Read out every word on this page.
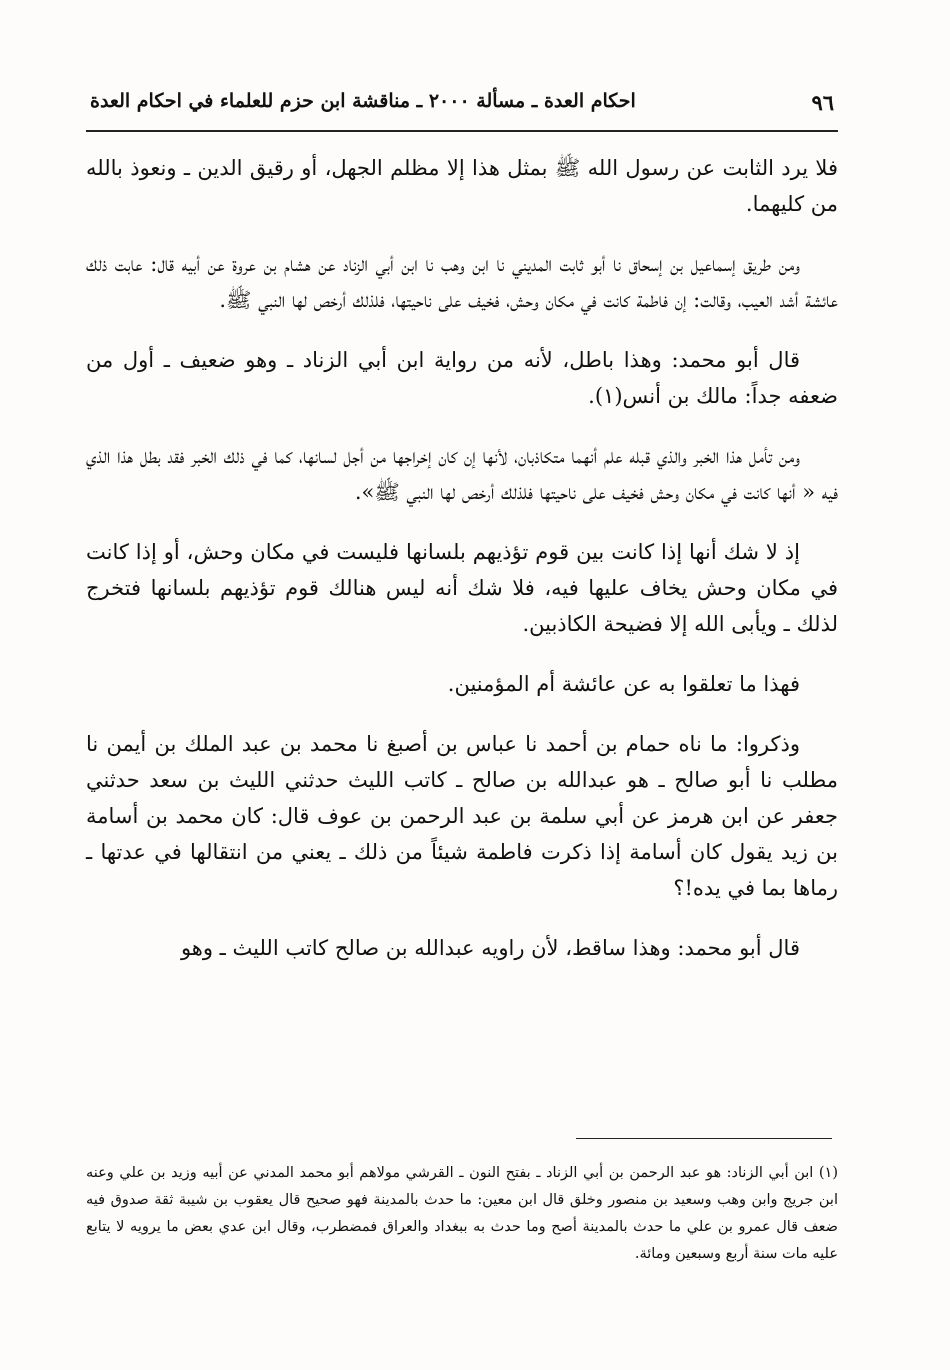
٩٦
احكام العدة ـ مسألة ٢٠٠٠ ـ مناقشة ابن حزم للعلماء في احكام العدة

فلا يرد الثابت عن رسول الله ﷺ بمثل هذا إلا مظلم الجهل، أو رقيق الدين ـ ونعوذ بالله من كليهما.

ومن طريق إسماعيل بن إسحاق نا أبو ثابت المديني نا ابن وهب نا ابن أبي الزناد عن هشام بن عروة عن أبيه قال: عابت ذلك عائشة أشد العيب، وقالت: إن فاطمة كانت في مكان وحش، فخيف على ناحيتها، فلذلك أرخص لها النبي ﷺ.

قال أبو محمد: وهذا باطل، لأنه من رواية ابن أبي الزناد ـ وهو ضعيف ـ أول من ضعفه جداً: مالك بن أنس(١).

ومن تأمل هذا الخبر والذي قبله علم أنهما متكاذبان، لأنها إن كان إخراجها من أجل لسانها، كما في ذلك الخبر فقد بطل هذا الذي فيه « أنها كانت في مكان وحش فخيف على ناحيتها فلذلك أرخص لها النبي ﷺ».

إذ لا شك أنها إذا كانت بين قوم تؤذيهم بلسانها فليست في مكان وحش، أو إذا كانت في مكان وحش يخاف عليها فيه، فلا شك أنه ليس هنالك قوم تؤذيهم بلسانها فتخرج لذلك ـ ويأبى الله إلا فضيحة الكاذبين.

فهذا ما تعلقوا به عن عائشة أم المؤمنين.

وذكروا: ما ناه حمام بن أحمد نا عباس بن أصبغ نا محمد بن عبد الملك بن أيمن نا مطلب نا أبو صالح ـ هو عبدالله بن صالح ـ كاتب الليث حدثني الليث بن سعد حدثني جعفر عن ابن هرمز عن أبي سلمة بن عبد الرحمن بن عوف قال: كان محمد بن أسامة بن زيد يقول كان أسامة إذا ذكرت فاطمة شيئاً من ذلك ـ يعني من انتقالها في عدتها ـ رماها بما في يده!؟

قال أبو محمد: وهذا ساقط، لأن راويه عبدالله بن صالح كاتب الليث ـ وهو

(١) ابن أبي الزناد: هو عبد الرحمن بن أبي الزناد ـ بفتح النون ـ القرشي مولاهم أبو محمد المدني عن أبيه وزيد بن علي وعنه ابن جريج وابن وهب وسعيد بن منصور وخلق قال ابن معين: ما حدث بالمدينة فهو صحيح قال يعقوب بن شيبة ثقة صدوق فيه ضعف قال عمرو بن علي ما حدث بالمدينة أصح وما حدث به ببغداد والعراق فمضطرب، وقال ابن عدي بعض ما يرويه لا يتابع عليه مات سنة أربع وسبعين ومائة.
